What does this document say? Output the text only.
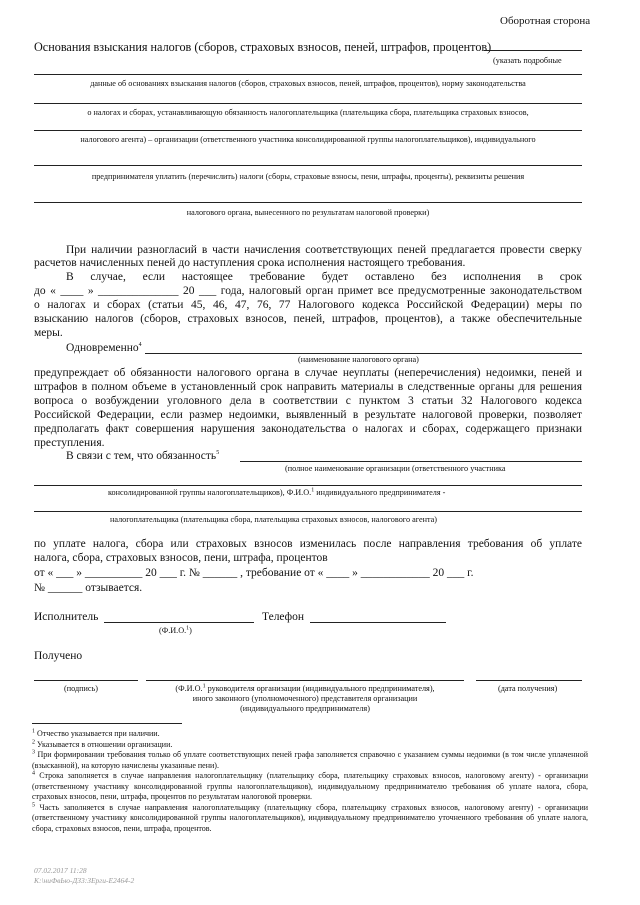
Оборотная сторона
Основания взыскания налогов (сборов, страховых взносов, пеней, штрафов, процентов)
(указать подробные
данные об основаниях взыскания налогов (сборов, страховых взносов, пеней, штрафов, процентов), норму законодательства
о налогах и сборах, устанавливающую обязанность налогоплательщика (плательщика сбора, плательщика страховых взносов,
налогового агента) – организации (ответственного участника консолидированной группы налогоплательщиков), индивидуального
предпринимателя уплатить (перечислить) налоги (сборы, страховые взносы, пени, штрафы, проценты), реквизиты решения
налогового органа, вынесенного по результатам налоговой проверки)
При наличии разногласий в части начисления соответствующих пеней предлагается провести сверку
расчетов начисленных пеней до наступления срока исполнения настоящего требования.
В случае, если настоящее требование будет оставлено без исполнения в срок
до « ____ » ______________ 20 ___ года, налоговый орган примет все предусмотренные законодательством
о налогах и сборах (статьи 45, 46, 47, 76, 77 Налогового кодекса Российской Федерации) меры по
взысканию налогов (сборов, страховых взносов, пеней, штрафов, процентов), а также обеспечительные
меры.
Одновременно$^4$
(наименование налогового органа)
предупреждает об обязанности налогового органа в случае неуплаты (неперечисления) недоимки, пеней и
штрафов в полном объеме в установленный срок направить материалы в следственные органы для решения
вопроса о возбуждении уголовного дела в соответствии с пунктом 3 статьи 32 Налогового кодекса
Российской Федерации, если размер недоимки, выявленный в результате налоговой проверки, позволяет
предполагать факт совершения нарушения законодательства о налогах и сборах, содержащего признаки
преступления.
В связи с тем, что обязанность$^5$
(полное наименование организации (ответственного участника
консолидированной группы налогоплательщиков), Ф.И.О.$^1$ индивидуального предпринимателя -
налогоплательщика (плательщика сбора, плательщика страховых взносов, налогового агента)
по уплате налога, сбора или страховых взносов изменилась после направления требования об уплате
налога, сбора, страховых взносов, пени, штрафа, процентов
от « ___ » __________ 20 ___ г. № ______ , требование от « ____ » ____________ 20 ___ г.
№ ______ отзывается.
Исполнитель	Телефон
(Ф.И.О.$^1$)
Получено
(подпись)	(Ф.И.О.$^1$ руководителя организации (индивидуального предпринимателя),
иного законного (уполномоченного) представителя организации
(индивидуального предпринимателя)
(дата получения)

$^1$ Отчество указывается при наличии.

$^2$ Указывается в отношении организации.

$^3$ При формировании требования только об уплате соответствующих пеней графа заполняется справочно с указанием суммы недоимки (в том числе уплаченной (взысканной), на которую начислены указанные пени).

$^4$ Строка заполняется в случае направления налогоплательщику (плательщику сбора, плательщику страховых взносов, налоговому агенту) - организации (ответственному участнику консолидированной группы налогоплательщиков), индивидуальному предпринимателю требования об уплате налога, сбора, страховых взносов, пени, штрафа, процентов по результатам налоговой проверки.

$^5$ Часть заполняется в случае направления налогоплательщику (плательщику сбора, плательщику страховых взносов, налоговому агенту) - организации (ответственному участнику консолидированной группы налогоплательщиков), индивидуальному предпринимателю уточненного требования об уплате налога, сбора, страховых взносов, пени, штрафа, процентов.

07.02.2017 11:28
К:\ниФвЬю-ДЗ3:ЗЕрги-Е2464-2
